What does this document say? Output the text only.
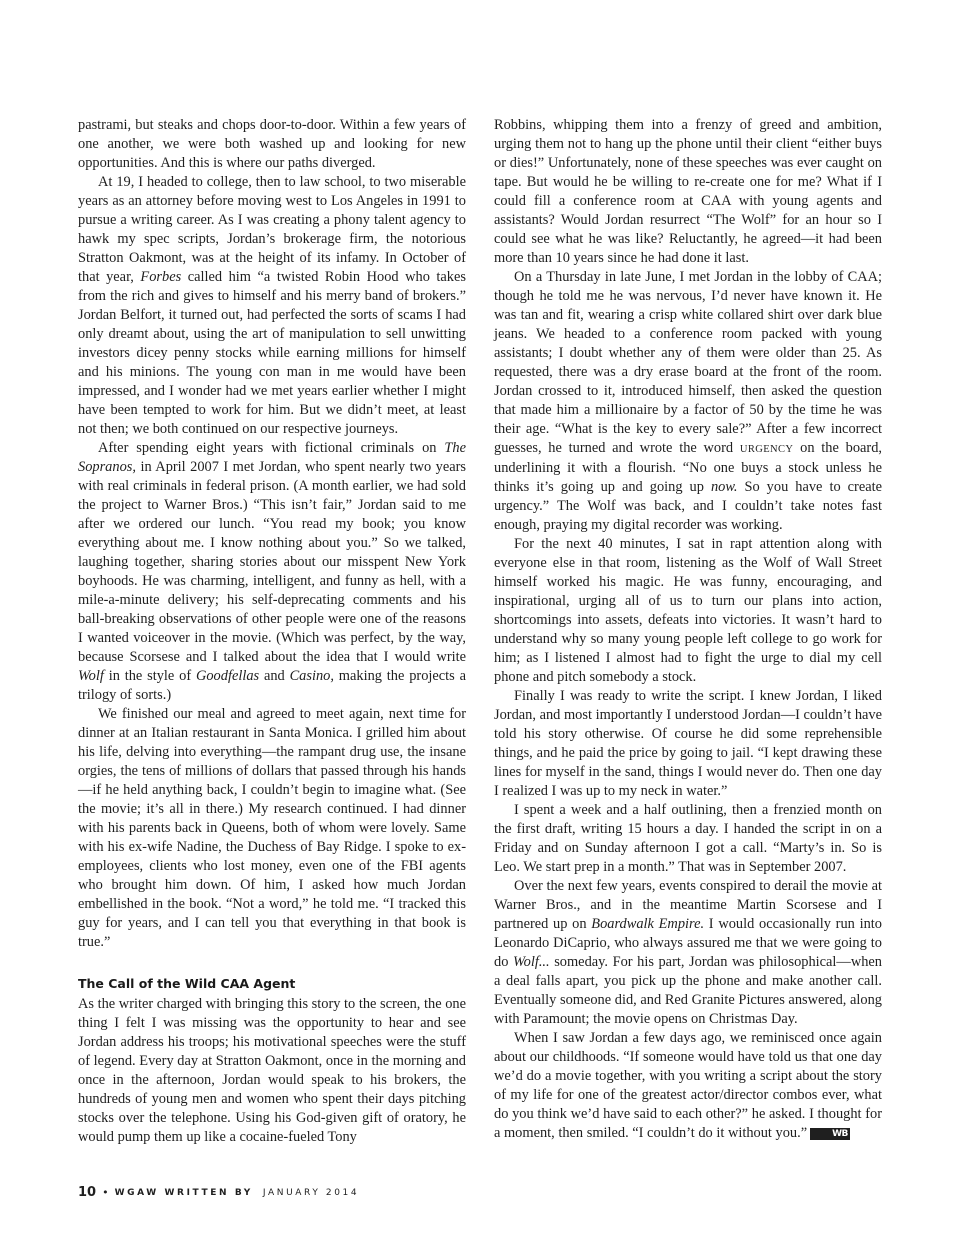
pastrami, but steaks and chops door-to-door. Within a few years of one another, we were both washed up and looking for new opportunities. And this is where our paths diverged.

At 19, I headed to college, then to law school, to two miserable years as an attorney before moving west to Los Angeles in 1991 to pursue a writing career. As I was creating a phony talent agency to hawk my spec scripts, Jordan’s brokerage firm, the notorious Stratton Oakmont, was at the height of its infamy. In October of that year, Forbes called him “a twisted Robin Hood who takes from the rich and gives to himself and his merry band of brokers.” Jordan Belfort, it turned out, had perfected the sorts of scams I had only dreamt about, using the art of manipulation to sell unwitting investors dicey penny stocks while earning millions for himself and his minions. The young con man in me would have been impressed, and I wonder had we met years earlier whether I might have been tempted to work for him. But we didn’t meet, at least not then; we both continued on our respective journeys.

After spending eight years with fictional criminals on The Sopranos, in April 2007 I met Jordan, who spent nearly two years with real criminals in federal prison. (A month earlier, we had sold the project to Warner Bros.) “This isn’t fair,” Jordan said to me after we ordered our lunch. “You read my book; you know everything about me. I know nothing about you.” So we talked, laughing together, sharing stories about our misspent New York boyhoods. He was charming, intelligent, and funny as hell, with a mile-a-minute delivery; his self-deprecating comments and his ball-breaking observations of other people were one of the reasons I wanted voiceover in the movie. (Which was perfect, by the way, because Scorsese and I talked about the idea that I would write Wolf in the style of Goodfellas and Casino, making the projects a trilogy of sorts.)

We finished our meal and agreed to meet again, next time for dinner at an Italian restaurant in Santa Monica. I grilled him about his life, delving into everything—the rampant drug use, the insane orgies, the tens of millions of dollars that passed through his hands—if he held anything back, I couldn’t begin to imagine what. (See the movie; it’s all in there.) My research continued. I had dinner with his parents back in Queens, both of whom were lovely. Same with his ex-wife Nadine, the Duchess of Bay Ridge. I spoke to ex-employees, clients who lost money, even one of the FBI agents who brought him down. Of him, I asked how much Jordan embellished in the book. “Not a word,” he told me. “I tracked this guy for years, and I can tell you that everything in that book is true.”

The Call of the Wild CAA Agent

As the writer charged with bringing this story to the screen, the one thing I felt I was missing was the opportunity to hear and see Jordan address his troops; his motivational speeches were the stuff of legend. Every day at Stratton Oakmont, once in the morning and once in the afternoon, Jordan would speak to his brokers, the hundreds of young men and women who spent their days pitching stocks over the telephone. Using his God-given gift of oratory, he would pump them up like a cocaine-fueled Tony

Robbins, whipping them into a frenzy of greed and ambition, urging them not to hang up the phone until their client “either buys or dies!” Unfortunately, none of these speeches was ever caught on tape. But would he be willing to re-create one for me? What if I could fill a conference room at CAA with young agents and assistants? Would Jordan resurrect “The Wolf” for an hour so I could see what he was like? Reluctantly, he agreed—it had been more than 10 years since he had done it last.

On a Thursday in late June, I met Jordan in the lobby of CAA; though he told me he was nervous, I’d never have known it. He was tan and fit, wearing a crisp white collared shirt over dark blue jeans. We headed to a conference room packed with young assistants; I doubt whether any of them were older than 25. As requested, there was a dry erase board at the front of the room. Jordan crossed to it, introduced himself, then asked the question that made him a millionaire by a factor of 50 by the time he was their age. “What is the key to every sale?” After a few incorrect guesses, he turned and wrote the word URGENCY on the board, underlining it with a flourish. “No one buys a stock unless he thinks it’s going up and going up now. So you have to create urgency.” The Wolf was back, and I couldn’t take notes fast enough, praying my digital recorder was working.

For the next 40 minutes, I sat in rapt attention along with everyone else in that room, listening as the Wolf of Wall Street himself worked his magic. He was funny, encouraging, and inspirational, urging all of us to turn our plans into action, shortcomings into assets, defeats into victories. It wasn’t hard to understand why so many young people left college to go work for him; as I listened I almost had to fight the urge to dial my cell phone and pitch somebody a stock.

Finally I was ready to write the script. I knew Jordan, I liked Jordan, and most importantly I understood Jordan—I couldn’t have told his story otherwise. Of course he did some reprehensible things, and he paid the price by going to jail. “I kept drawing these lines for myself in the sand, things I would never do. Then one day I realized I was up to my neck in water.”

I spent a week and a half outlining, then a frenzied month on the first draft, writing 15 hours a day. I handed the script in on a Friday and on Sunday afternoon I got a call. “Marty’s in. So is Leo. We start prep in a month.” That was in September 2007.

Over the next few years, events conspired to derail the movie at Warner Bros., and in the meantime Martin Scorsese and I partnered up on Boardwalk Empire. I would occasionally run into Leonardo DiCaprio, who always assured me that we were going to do Wolf... someday. For his part, Jordan was philosophical—when a deal falls apart, you pick up the phone and make another call. Eventually someone did, and Red Granite Pictures answered, along with Paramount; the movie opens on Christmas Day.

When I saw Jordan a few days ago, we reminisced once again about our childhoods. “If someone would have told us that one day we’d do a movie together, with you writing a script about the story of my life for one of the greatest actor/director combos ever, what do you think we’d have said to each other?” he asked. I thought for a moment, then smiled. “I couldn’t do it without you.”	WB

10 • WGAW WRITTEN BY JANUARY 2014
